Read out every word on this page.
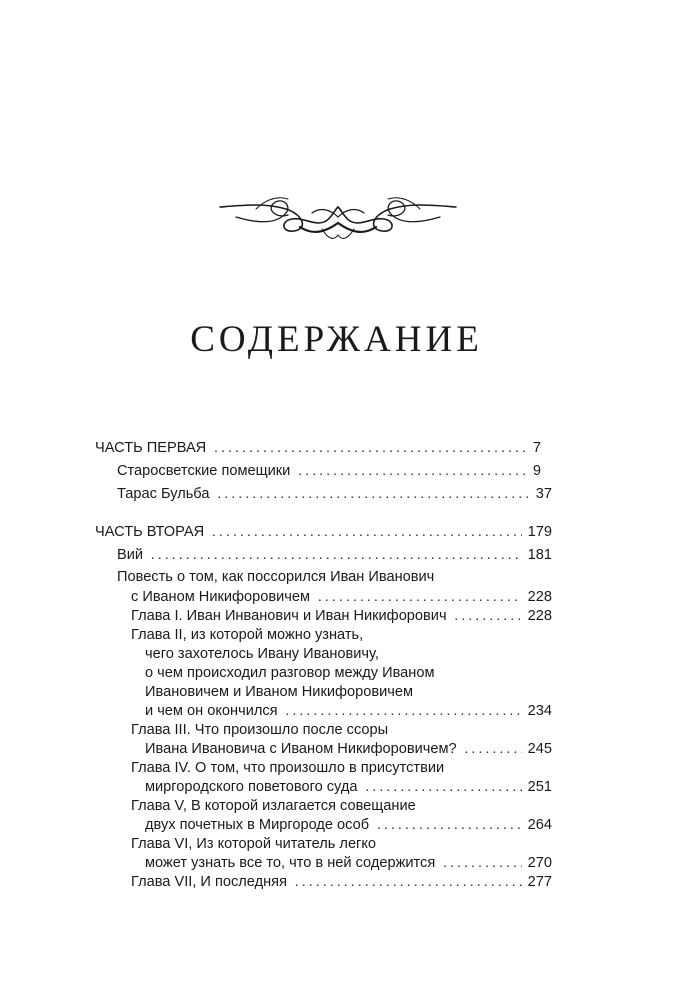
СОДЕРЖАНИЕ
ЧАСТЬ ПЕРВАЯ . . .	7
Старосветские помещики . . .	9
Тарас Бульба . . .	37
ЧАСТЬ ВТОРАЯ . . .	179
Вий . . .	181
Повесть о том, как поссорился Иван Иванович
с Иваном Никифоровичем . . .	228
Глава I. Иван Инванович и Иван Никифорович . . .	228
Глава II, из которой можно узнать,
чего захотелось Ивану Ивановичу,
о чем происходил разговор между Иваном
Ивановичем и Иваном Никифоровичем
и чем он окончился . . .	234
Глава III. Что произошло после ссоры
Ивана Ивановича с Иваном Никифоровичем? . . .	245
Глава IV. О том, что произошло в присутствии
миргородского поветового суда . . .	251
Глава V, В которой излагается совещание
двух почетных в Миргороде особ . . .	264
Глава VI, Из которой читатель легко
может узнать все то, что в ней содержится . . .	270
Глава VII, И последняя . . .	277
